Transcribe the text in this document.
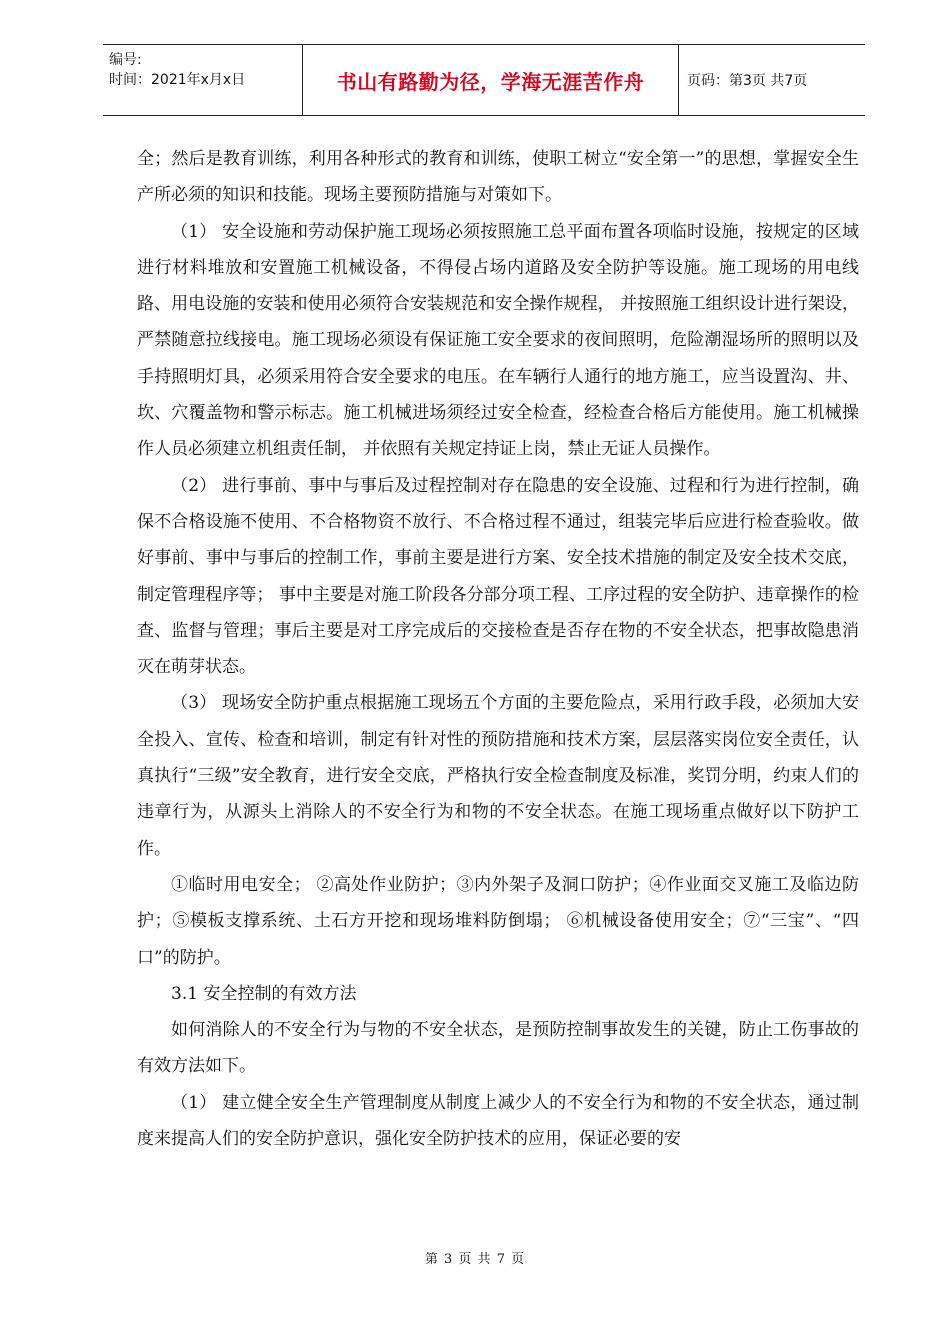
编号:
时间：2021年x月x日	书山有路勤为径，学海无涯苦作舟	页码：第3页 共7页

全；然后是教育训练，利用各种形式的教育和训练，使职工树立“安全第一”的思想，掌握安全生产所必须的知识和技能。现场主要预防措施与对策如下。

（1） 安全设施和劳动保护施工现场必须按照施工总平面布置各项临时设施，按规定的区域进行材料堆放和安置施工机械设备，不得侵占场内道路及安全防护等设施。施工现场的用电线路、用电设施的安装和使用必须符合安装规范和安全操作规程， 并按照施工组织设计进行架设，严禁随意拉线接电。施工现场必须设有保证施工安全要求的夜间照明，危险潮湿场所的照明以及手持照明灯具，必须采用符合安全要求的电压。在车辆行人通行的地方施工，应当设置沟、井、坎、穴覆盖物和警示标志。施工机械进场须经过安全检查，经检查合格后方能使用。施工机械操作人员必须建立机组责任制， 并依照有关规定持证上岗，禁止无证人员操作。

（2） 进行事前、事中与事后及过程控制对存在隐患的安全设施、过程和行为进行控制，确保不合格设施不使用、不合格物资不放行、不合格过程不通过，组装完毕后应进行检查验收。做好事前、事中与事后的控制工作，事前主要是进行方案、安全技术措施的制定及安全技术交底，制定管理程序等； 事中主要是对施工阶段各分部分项工程、工序过程的安全防护、违章操作的检查、监督与管理；事后主要是对工序完成后的交接检查是否存在物的不安全状态，把事故隐患消灭在萌芽状态。

（3） 现场安全防护重点根据施工现场五个方面的主要危险点，采用行政手段，必须加大安全投入、宣传、检查和培训，制定有针对性的预防措施和技术方案，层层落实岗位安全责任，认真执行“三级”安全教育，进行安全交底，严格执行安全检查制度及标准，奖罚分明，约束人们的违章行为，从源头上消除人的不安全行为和物的不安全状态。在施工现场重点做好以下防护工作。

①临时用电安全； ②高处作业防护；③内外架子及洞口防护；④作业面交叉施工及临边防护；⑤模板支撑系统、土石方开挖和现场堆料防倒塌； ⑥机械设备使用安全；⑦“三宝”、“四口”的防护。

3.1 安全控制的有效方法

如何消除人的不安全行为与物的不安全状态，是预防控制事故发生的关键，防止工伤事故的有效方法如下。

（1） 建立健全安全生产管理制度从制度上减少人的不安全行为和物的不安全状态，通过制度来提高人们的安全防护意识，强化安全防护技术的应用，保证必要的安

第 3 页 共 7 页
